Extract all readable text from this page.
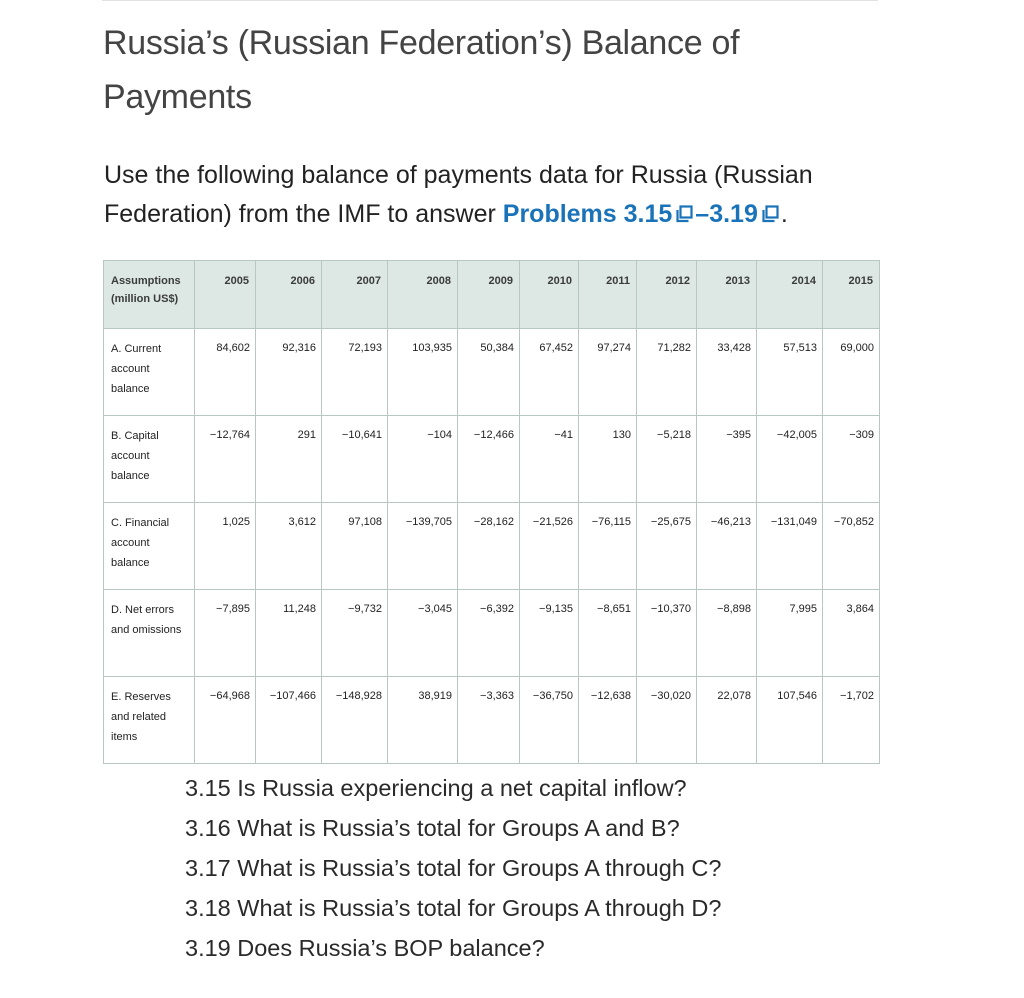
Russia’s (Russian Federation’s) Balance of Payments

Use the following balance of payments data for Russia (Russian Federation) from the IMF to answer Problems 3.15 –3.19 .

Assumptions (million US$)	2005	2006	2007	2008	2009	2010	2011	2012	2013	2014	2015
A. Current account balance	84,602	92,316	72,193	103,935	50,384	67,452	97,274	71,282	33,428	57,513	69,000
B. Capital account balance	−12,764	291	−10,641	−104	−12,466	−41	130	−5,218	−395	−42,005	−309
C. Financial account balance	1,025	3,612	97,108	−139,705	−28,162	−21,526	−76,115	−25,675	−46,213	−131,049	−70,852
D. Net errors and omissions	−7,895	11,248	−9,732	−3,045	−6,392	−9,135	−8,651	−10,370	−8,898	7,995	3,864
E. Reserves and related items	−64,968	−107,466	−148,928	38,919	−3,363	−36,750	−12,638	−30,020	22,078	107,546	−1,702
3.15 Is Russia experiencing a net capital inflow?
3.16 What is Russia’s total for Groups A and B?
3.17 What is Russia’s total for Groups A through C?
3.18 What is Russia’s total for Groups A through D?
3.19 Does Russia’s BOP balance?
